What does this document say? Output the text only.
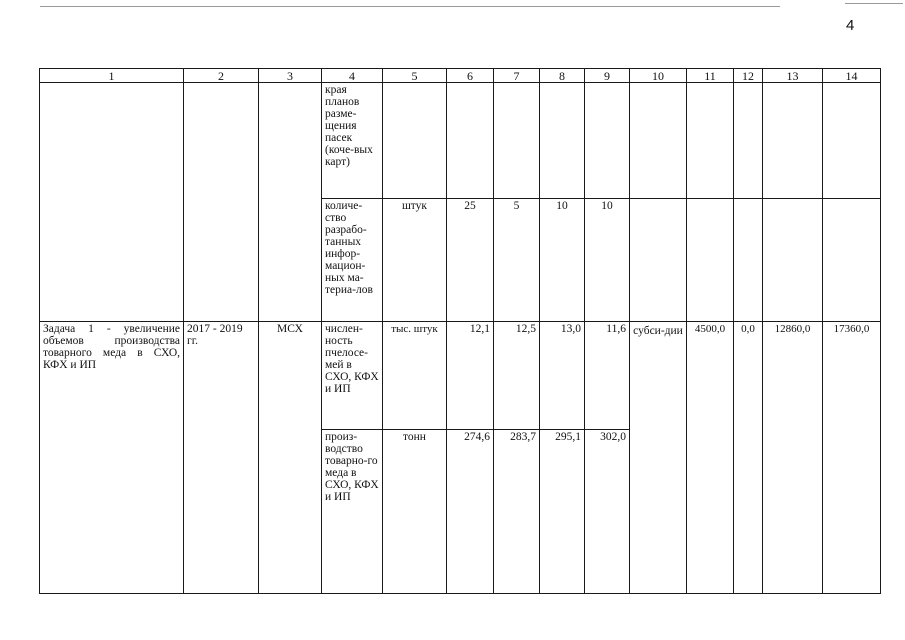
4
1	2	3	4	5	6	7	8	9	10	11	12	13	14
			края планов разме-щения пасек (коче-вых карт)										
			количе-ство разрабо-танных инфор-мацион-ных ма-териа-лов	штук	25	5	10	10					
Задача 1 - увеличение объемов производства товарного меда в СХО, КФХ и ИП	2017 - 2019 гг.	МСХ	числен-ность пчелосе-мей в СХО, КФХ и ИП	тыс. штук	12,1	12,5	13,0	11,6	субси-дии	4500,0	0,0	12860,0	17360,0
			произ-водство товарно-го меда в СХО, КФХ и ИП	тонн	274,6	283,7	295,1	302,0					
